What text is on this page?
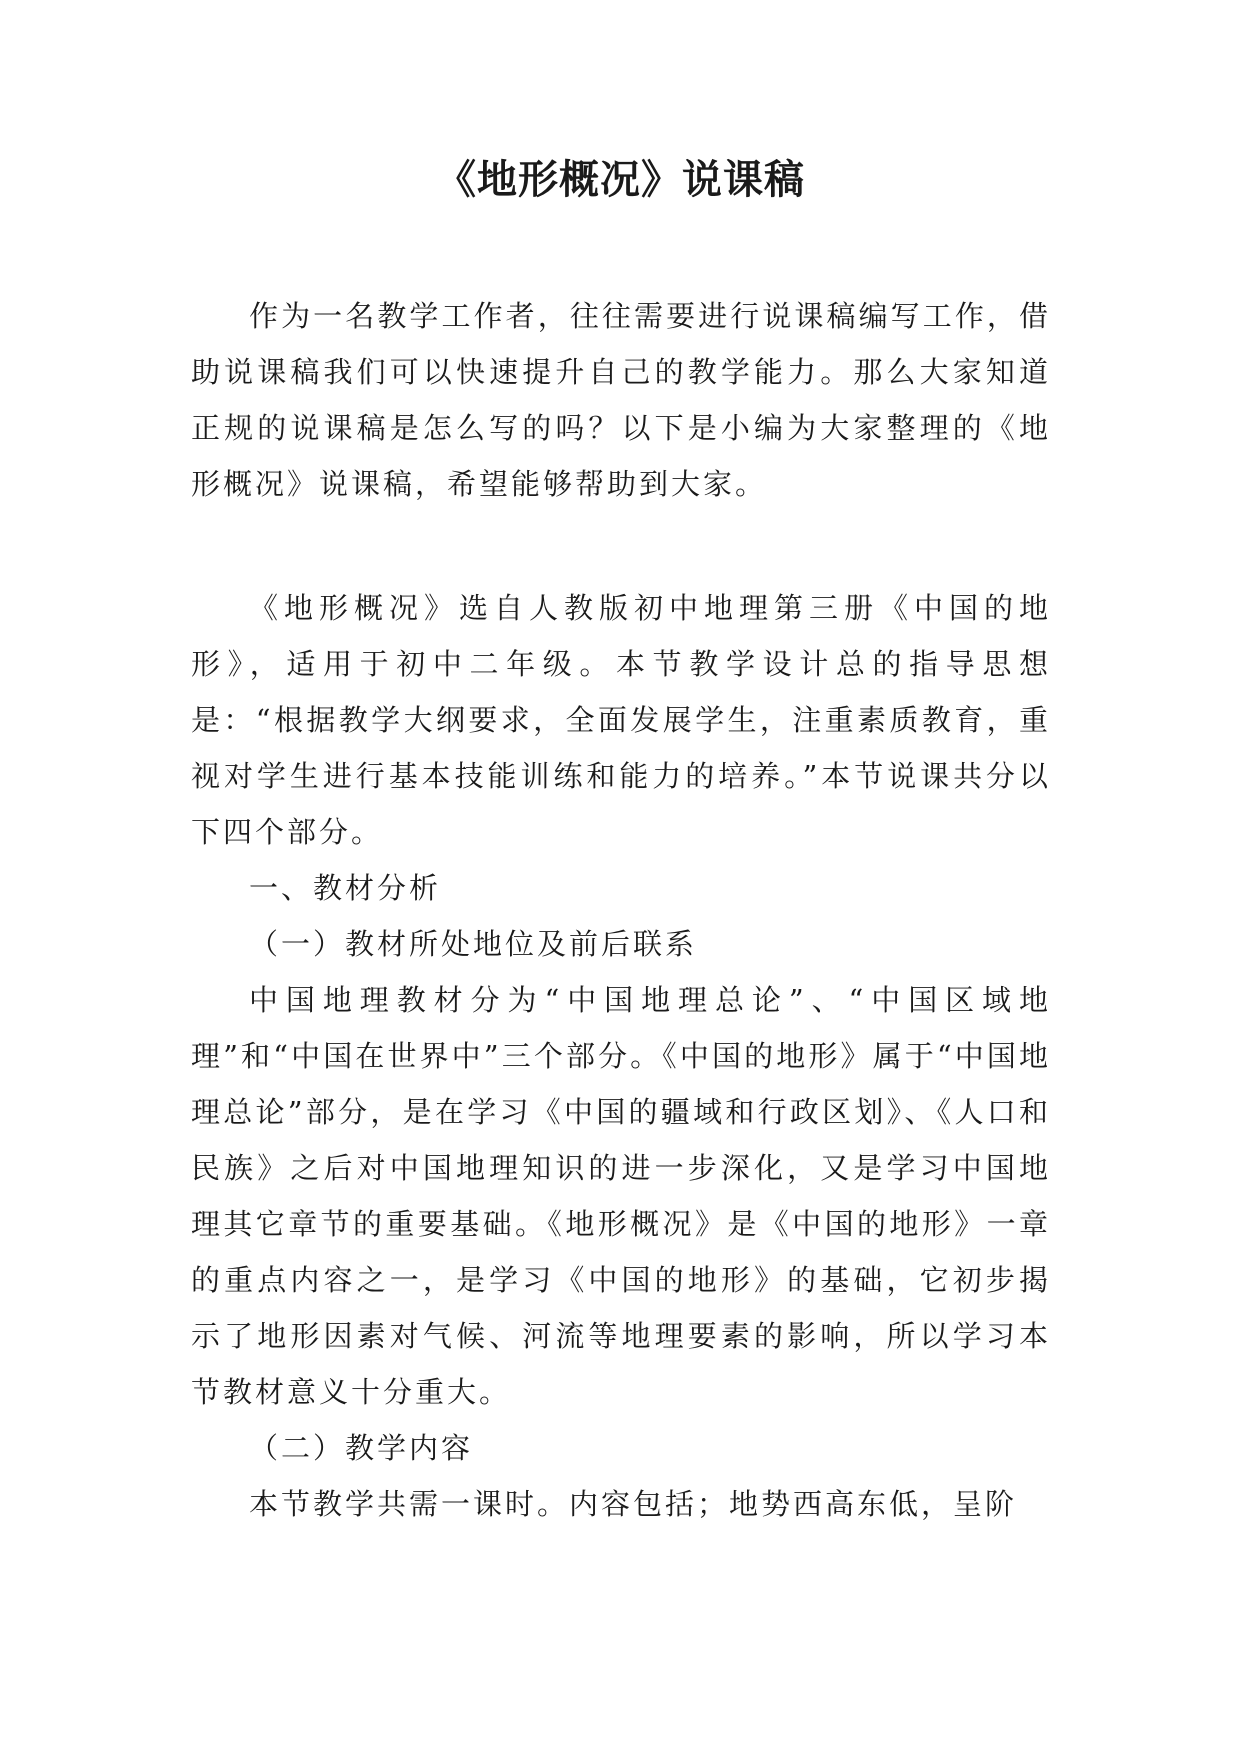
《地形概况》说课稿

作为一名教学工作者，往往需要进行说课稿编写工作，借助说课稿我们可以快速提升自己的教学能力。那么大家知道正规的说课稿是怎么写的吗？以下是小编为大家整理的《地形概况》说课稿，希望能够帮助到大家。

《地形概况》选自人教版初中地理第三册《中国的地形》，适用于初中二年级。本节教学设计总的指导思想是：“根据教学大纲要求，全面发展学生，注重素质教育，重视对学生进行基本技能训练和能力的培养。”本节说课共分以下四个部分。

一、教材分析

（一）教材所处地位及前后联系

中国地理教材分为“中国地理总论”、“中国区域地理”和“中国在世界中”三个部分。《中国的地形》属于“中国地理总论”部分，是在学习《中国的疆域和行政区划》、《人口和民族》之后对中国地理知识的进一步深化，又是学习中国地理其它章节的重要基础。《地形概况》是《中国的地形》一章的重点内容之一，是学习《中国的地形》的基础，它初步揭示了地形因素对气候、河流等地理要素的影响，所以学习本节教材意义十分重大。

（二）教学内容

本节教学共需一课时。内容包括；地势西高东低，呈阶
